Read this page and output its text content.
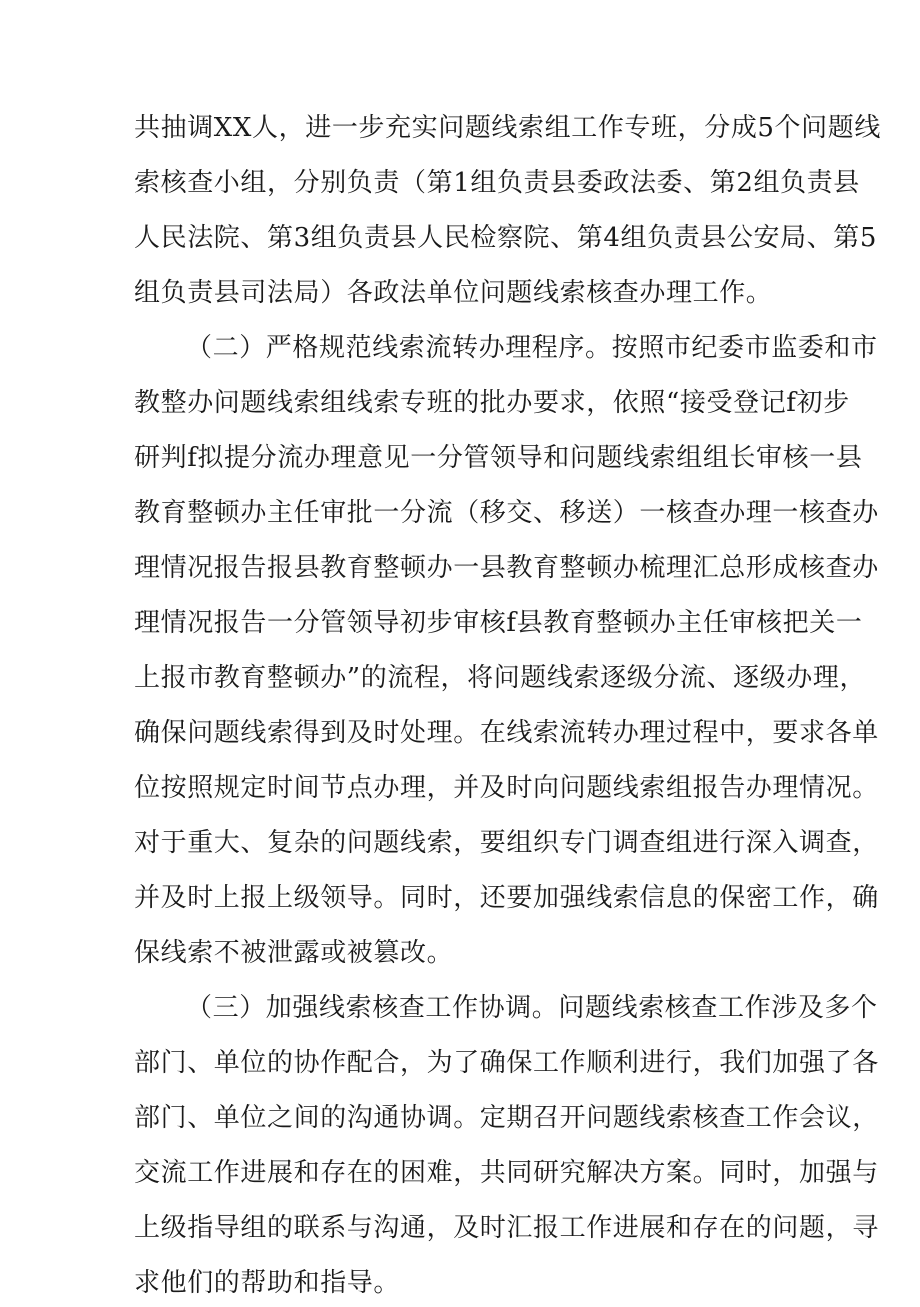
共抽调XX人，进一步充实问题线索组工作专班，分成5个问题线

索核查小组，分别负责（第1组负责县委政法委、第2组负责县

人民法院、第3组负责县人民检察院、第4组负责县公安局、第5

组负责县司法局）各政法单位问题线索核查办理工作。

（二）严格规范线索流转办理程序。按照市纪委市监委和市

教整办问题线索组线索专班的批办要求，依照“接受登记f初步

研判f拟提分流办理意见一分管领导和问题线索组组长审核一县

教育整顿办主任审批一分流（移交、移送）一核查办理一核查办

理情况报告报县教育整顿办一县教育整顿办梳理汇总形成核查办

理情况报告一分管领导初步审核f县教育整顿办主任审核把关一

上报市教育整顿办”的流程，将问题线索逐级分流、逐级办理，

确保问题线索得到及时处理。在线索流转办理过程中，要求各单

位按照规定时间节点办理，并及时向问题线索组报告办理情况。

对于重大、复杂的问题线索，要组织专门调查组进行深入调查，

并及时上报上级领导。同时，还要加强线索信息的保密工作，确

保线索不被泄露或被篡改。

（三）加强线索核查工作协调。问题线索核查工作涉及多个

部门、单位的协作配合，为了确保工作顺利进行，我们加强了各

部门、单位之间的沟通协调。定期召开问题线索核查工作会议，

交流工作进展和存在的困难，共同研究解决方案。同时，加强与

上级指导组的联系与沟通，及时汇报工作进展和存在的问题，寻

求他们的帮助和指导。
